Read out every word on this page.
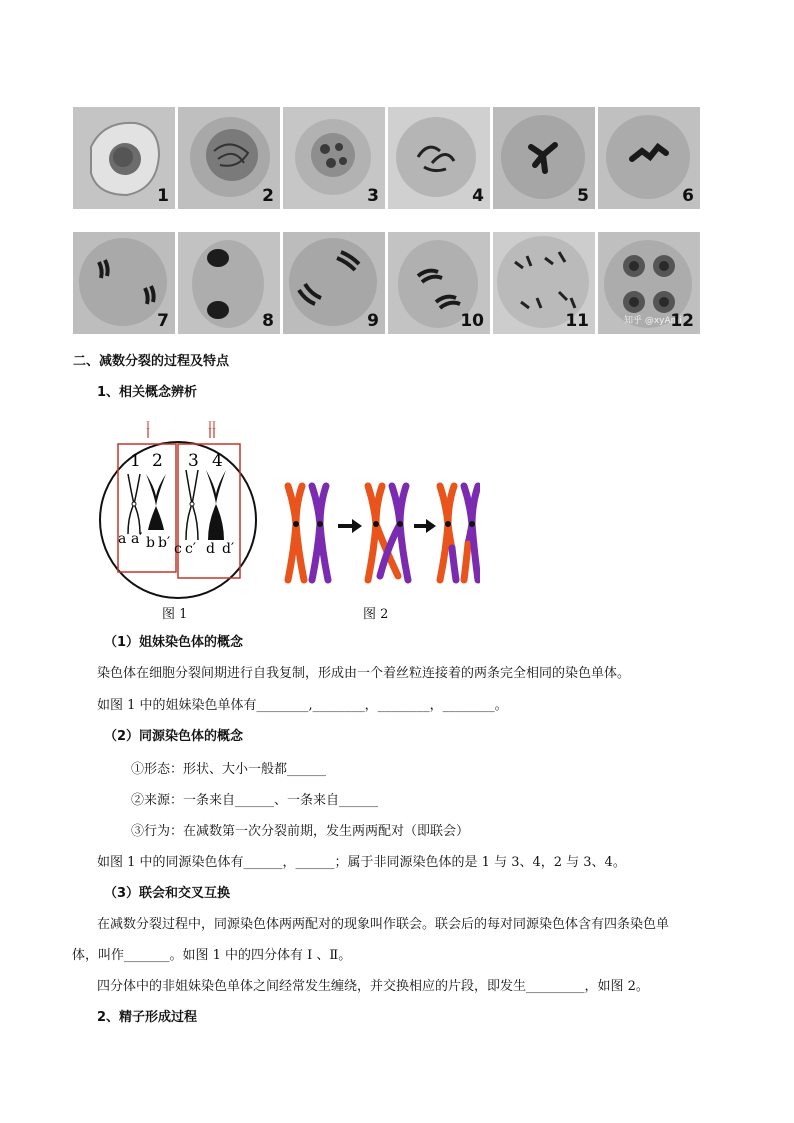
1	2	3	4	5	6
7	8	9	10	11	知乎 @xyAmi
12
二、减数分裂的过程及特点
1、相关概念辨析
1 2 3 4
a a′ b b′ c c′ d d′
图 1	图 2
（1）姐妹染色体的概念
染色体在细胞分裂间期进行自我复制，形成由一个着丝粒连接着的两条完全相同的染色单体。
如图 1 中的姐妹染色单体有________,________，________，________。
（2）同源染色体的概念
①形态：形状、大小一般都______
②来源：一条来自______、一条来自______
③行为：在减数第一次分裂前期，发生两两配对（即联会）
如图 1 中的同源染色体有______，______；属于非同源染色体的是 1 与 3、4，2 与 3、4。
（3）联会和交叉互换
在减数分裂过程中，同源染色体两两配对的现象叫作联会。联会后的每对同源染色体含有四条染色单
体，叫作_______。如图 1 中的四分体有 Ⅰ 、Ⅱ。
四分体中的非姐妹染色单体之间经常发生缠绕，并交换相应的片段，即发生_________，如图 2。
2、精子形成过程
I	II
